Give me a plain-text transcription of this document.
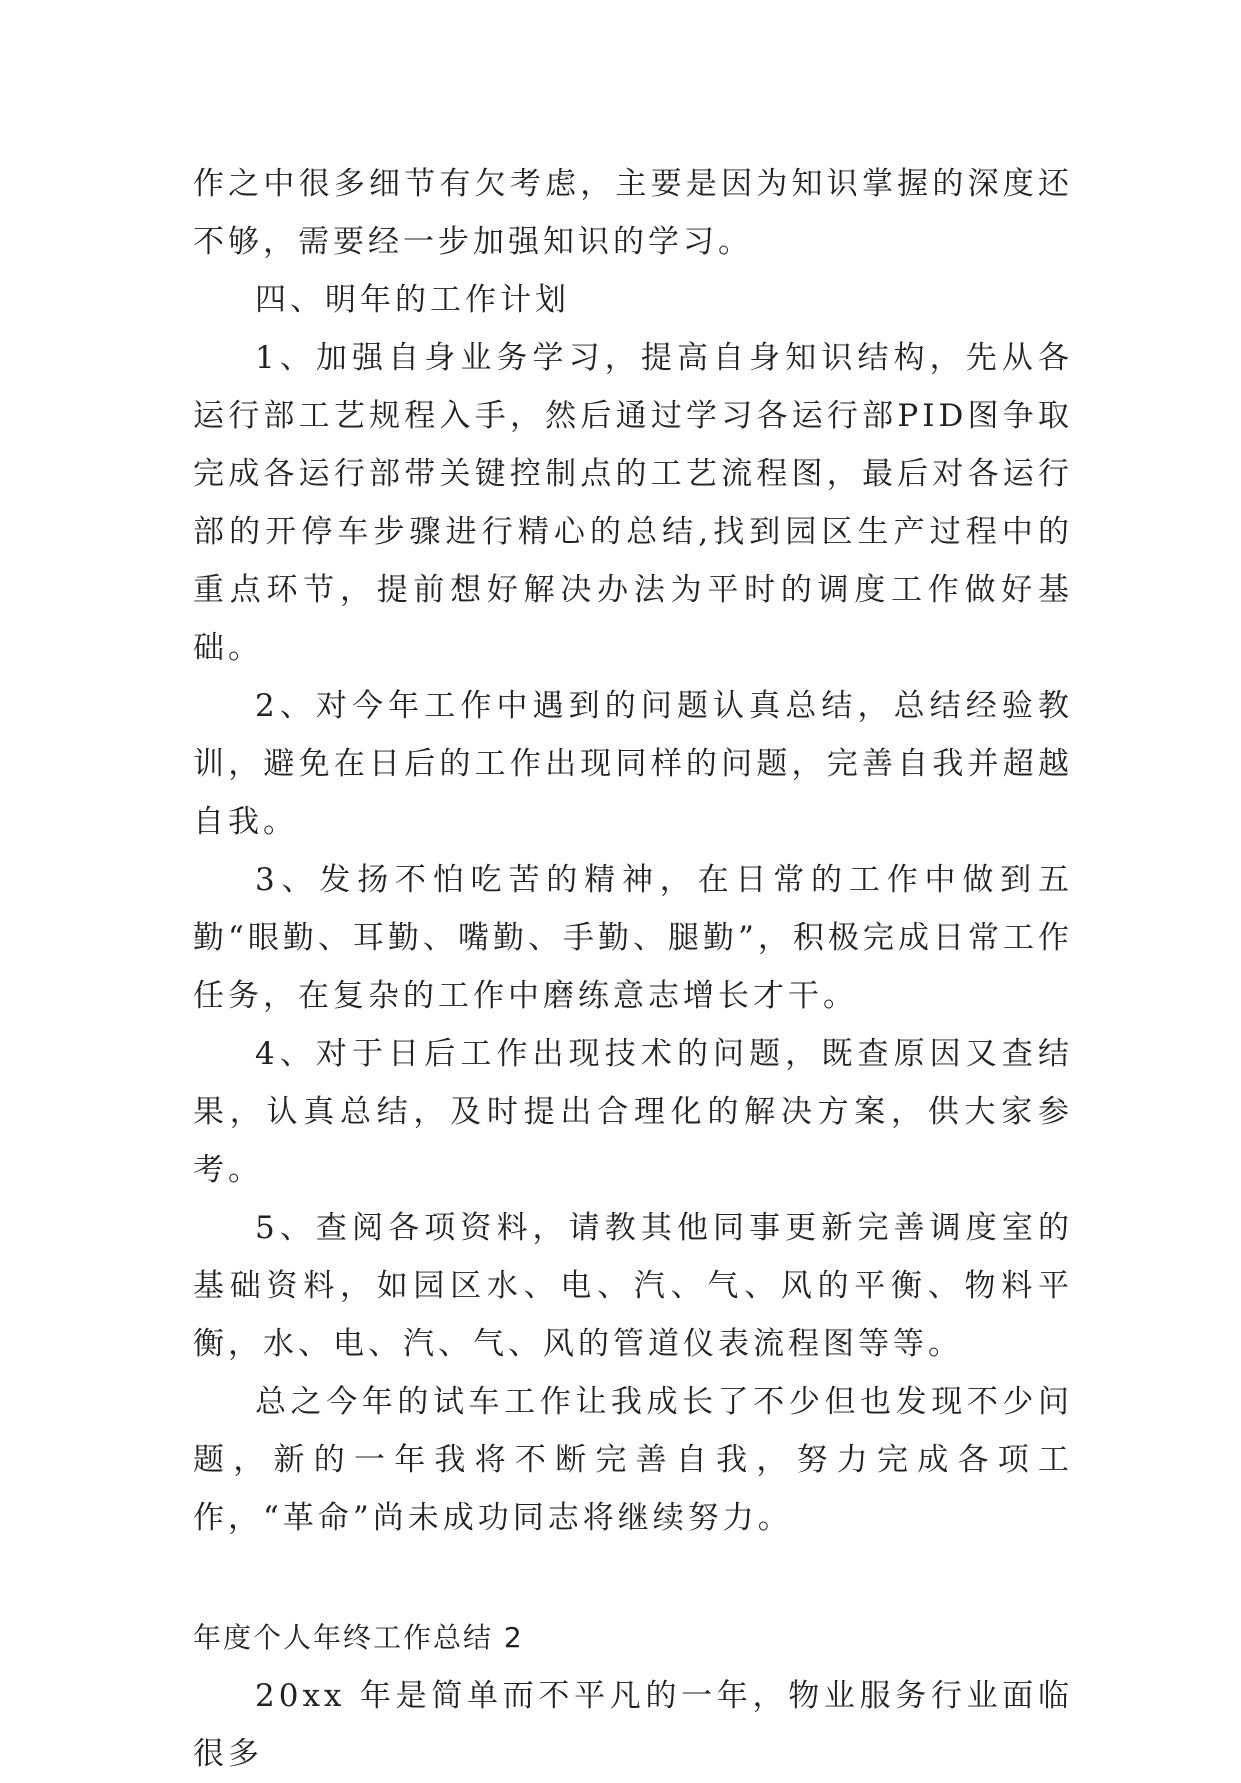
作之中很多细节有欠考虑，主要是因为知识掌握的深度还不够，需要经一步加强知识的学习。

四、明年的工作计划

1、加强自身业务学习，提高自身知识结构，先从各运行部工艺规程入手，然后通过学习各运行部PID图争取完成各运行部带关键控制点的工艺流程图，最后对各运行部的开停车步骤进行精心的总结,找到园区生产过程中的重点环节，提前想好解决办法为平时的调度工作做好基础。

2、对今年工作中遇到的问题认真总结，总结经验教训，避免在日后的工作出现同样的问题，完善自我并超越自我。

3、发扬不怕吃苦的精神，在日常的工作中做到五勤“眼勤、耳勤、嘴勤、手勤、腿勤”，积极完成日常工作任务，在复杂的工作中磨练意志增长才干。

4、对于日后工作出现技术的问题，既查原因又查结果，认真总结，及时提出合理化的解决方案，供大家参考。

5、查阅各项资料，请教其他同事更新完善调度室的基础资料，如园区水、电、汽、气、风的平衡、物料平衡，水、电、汽、气、风的管道仪表流程图等等。

总之今年的试车工作让我成长了不少但也发现不少问题，新的一年我将不断完善自我，努力完成各项工作，“革命”尚未成功同志将继续努力。

年度个人年终工作总结 2

20xx 年是简单而不平凡的一年，物业服务行业面临很多
